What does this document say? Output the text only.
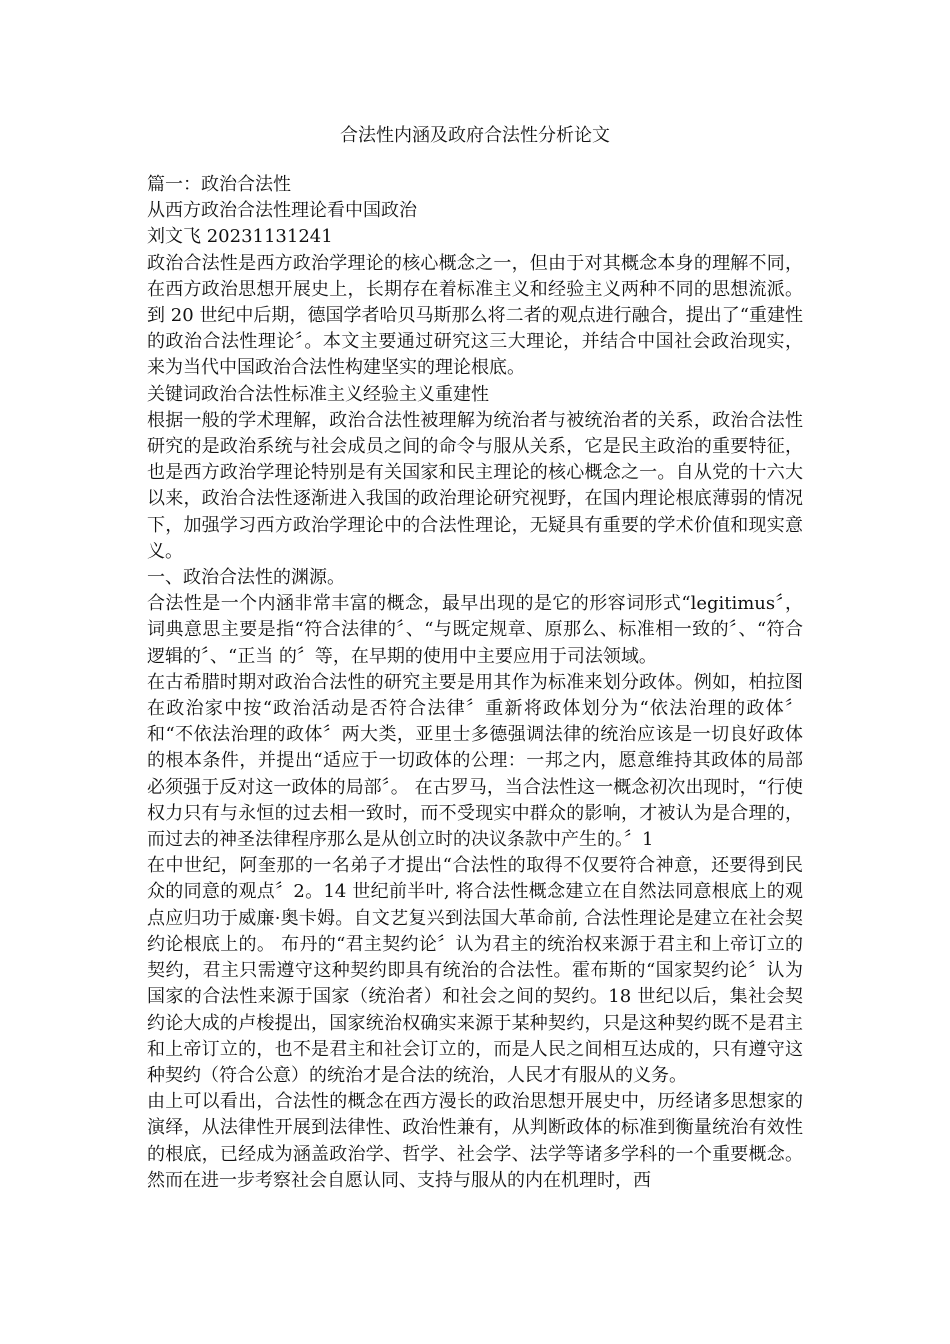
合法性内涵及政府合法性分析论文

篇一：政治合法性

从西方政治合法性理论看中国政治

刘文飞 20231131241

政治合法性是西方政治学理论的核心概念之一，但由于对其概念本身的理解不同，在西方政治思想开展史上，长期存在着标准主义和经验主义两种不同的思想流派。到 20 世纪中后期，德国学者哈贝马斯那么将二者的观点进行融合，提出了“重建性的政治合法性理论〞。本文主要通过研究这三大理论，并结合中国社会政治现实，来为当代中国政治合法性构建坚实的理论根底。

关键词政治合法性标准主义经验主义重建性

根据一般的学术理解，政治合法性被理解为统治者与被统治者的关系，政治合法性研究的是政治系统与社会成员之间的命令与服从关系，它是民主政治的重要特征，也是西方政治学理论特别是有关国家和民主理论的核心概念之一。自从党的十六大以来，政治合法性逐渐进入我国的政治理论研究视野，在国内理论根底薄弱的情况下，加强学习西方政治学理论中的合法性理论，无疑具有重要的学术价值和现实意义。

一、政治合法性的渊源。

合法性是一个内涵非常丰富的概念，最早出现的是它的形容词形式“legitimus〞，词典意思主要是指“符合法律的〞、“与既定规章、原那么、标准相一致的〞、“符合逻辑的〞、“正当 的〞等，在早期的使用中主要应用于司法领域。

在古希腊时期对政治合法性的研究主要是用其作为标准来划分政体。例如，柏拉图在政治家中按“政治活动是否符合法律〞重新将政体划分为“依法治理的政体〞和“不依法治理的政体〞两大类，亚里士多德强调法律的统治应该是一切良好政体的根本条件，并提出“适应于一切政体的公理：一邦之内，愿意维持其政体的局部必须强于反对这一政体的局部〞。 在古罗马，当合法性这一概念初次出现时，“行使权力只有与永恒的过去相一致时，而不受现实中群众的影响，才被认为是合理的，而过去的神圣法律程序那么是从创立时的决议条款中产生的。〞1

在中世纪，阿奎那的一名弟子才提出“合法性的取得不仅要符合神意，还要得到民众的同意的观点〞2。14 世纪前半叶, 将合法性概念建立在自然法同意根底上的观点应归功于威廉·奥卡姆。自文艺复兴到法国大革命前, 合法性理论是建立在社会契约论根底上的。 布丹的“君主契约论〞认为君主的统治权来源于君主和上帝订立的契约，君主只需遵守这种契约即具有统治的合法性。霍布斯的“国家契约论〞认为国家的合法性来源于国家（统治者）和社会之间的契约。18 世纪以后，集社会契约论大成的卢梭提出，国家统治权确实来源于某种契约，只是这种契约既不是君主和上帝订立的，也不是君主和社会订立的，而是人民之间相互达成的，只有遵守这种契约（符合公意）的统治才是合法的统治，人民才有服从的义务。

由上可以看出，合法性的概念在西方漫长的政治思想开展史中，历经诸多思想家的演绎，从法律性开展到法律性、政治性兼有，从判断政体的标准到衡量统治有效性的根底，已经成为涵盖政治学、哲学、社会学、法学等诸多学科的一个重要概念。然而在进一步考察社会自愿认同、支持与服从的内在机理时，西
